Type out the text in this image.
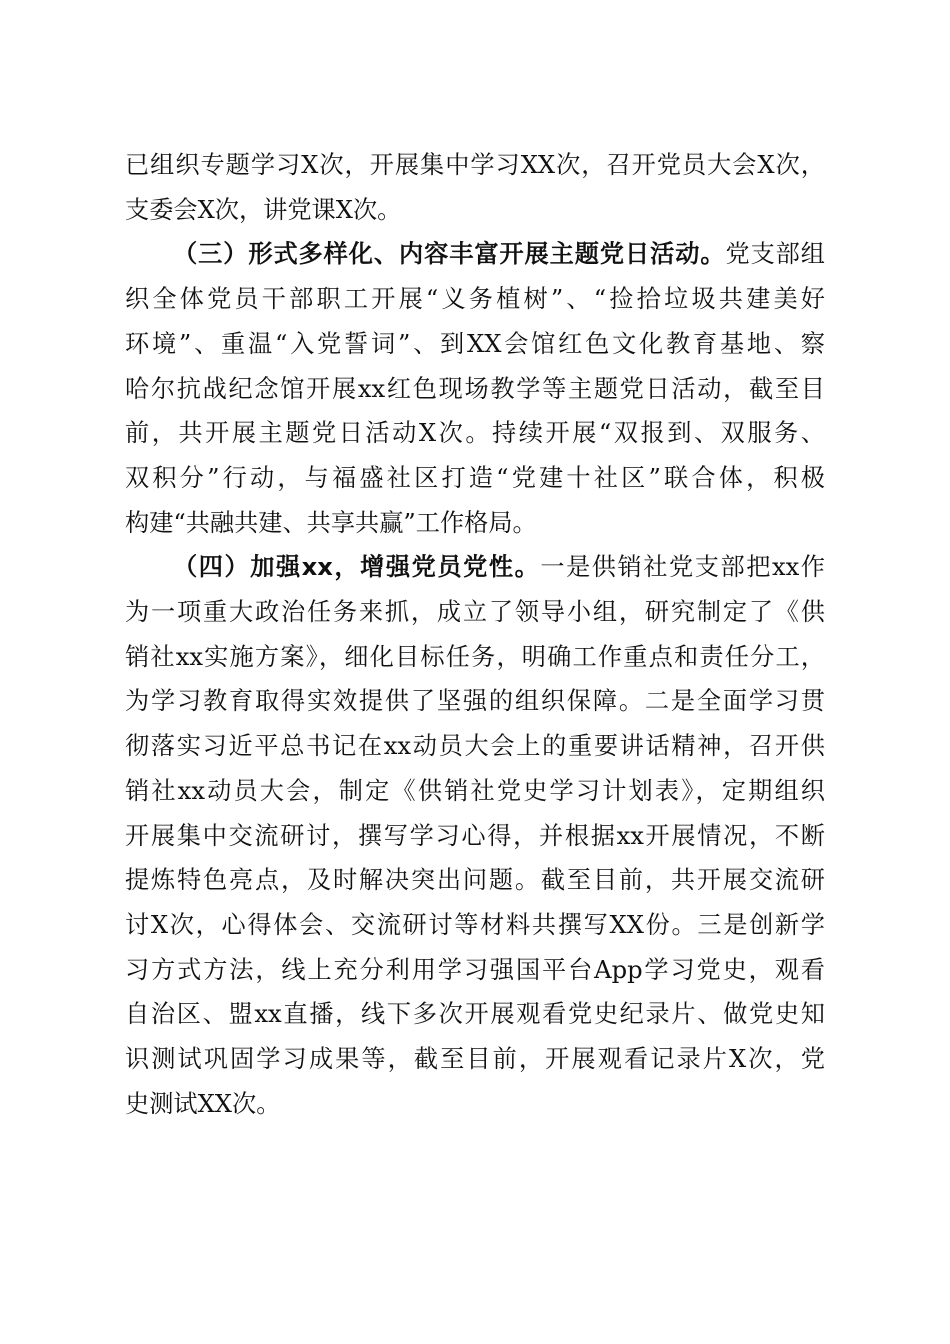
已组织专题学习X次，开展集中学习XX次，召开党员大会X次，
支委会X次，讲党课X次。
（三）形式多样化、内容丰富开展主题党日活动。党支部组
织全体党员干部职工开展“义务植树”、“捡拾垃圾共建美好
环境”、重温“入党誓词”、到XX会馆红色文化教育基地、察
哈尔抗战纪念馆开展xx红色现场教学等主题党日活动，截至目
前，共开展主题党日活动X次。持续开展“双报到、双服务、
双积分”行动，与福盛社区打造“党建十社区”联合体，积极
构建“共融共建、共享共赢”工作格局。
（四）加强xx，增强党员党性。一是供销社党支部把xx作
为一项重大政治任务来抓，成立了领导小组，研究制定了《供
销社xx实施方案》，细化目标任务，明确工作重点和责任分工，
为学习教育取得实效提供了坚强的组织保障。二是全面学习贯
彻落实习近平总书记在xx动员大会上的重要讲话精神，召开供
销社xx动员大会，制定《供销社党史学习计划表》，定期组织
开展集中交流研讨，撰写学习心得，并根据xx开展情况，不断
提炼特色亮点，及时解决突出问题。截至目前，共开展交流研
讨X次，心得体会、交流研讨等材料共撰写XX份。三是创新学
习方式方法，线上充分利用学习强国平台App学习党史，观看
自治区、盟xx直播，线下多次开展观看党史纪录片、做党史知
识测试巩固学习成果等，截至目前，开展观看记录片X次，党
史测试XX次。
